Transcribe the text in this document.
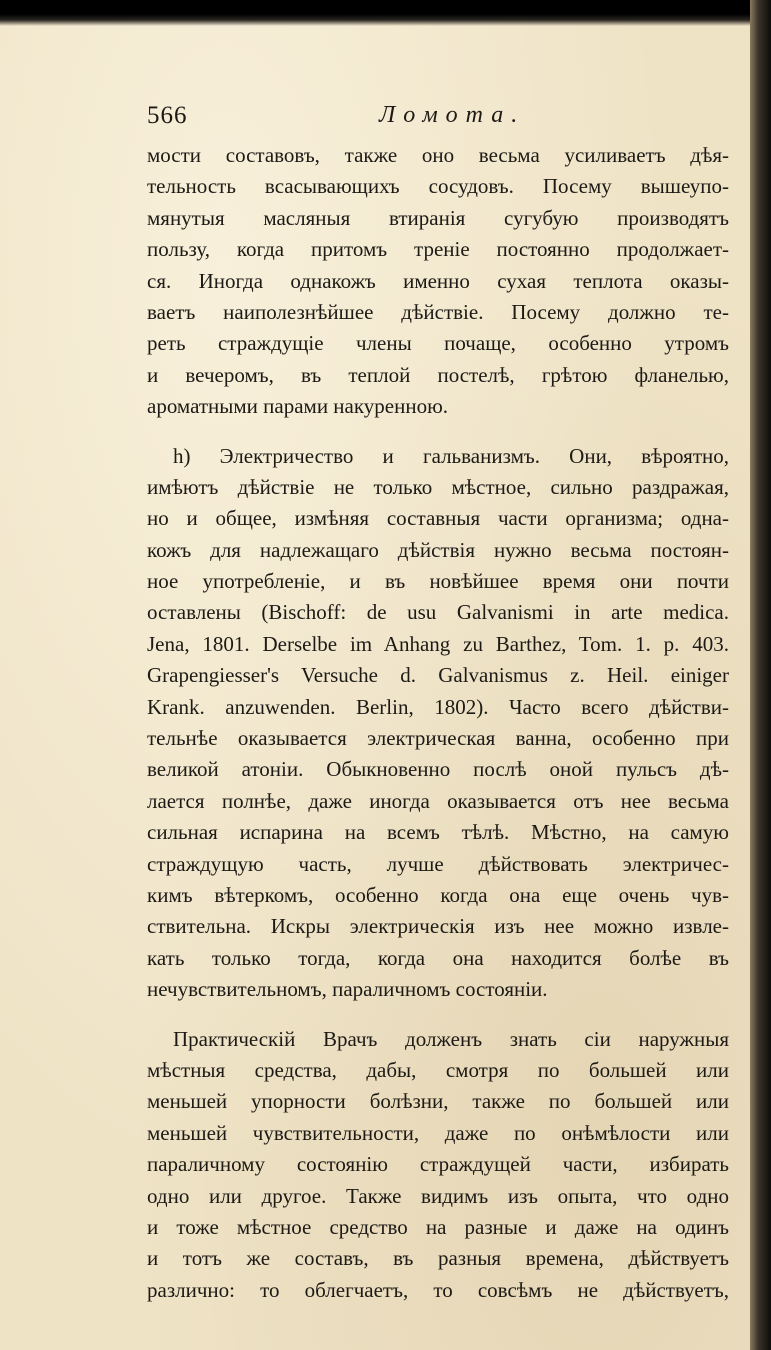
566	Ломота.
мости составовъ, также оно весьма усиливаетъ дѣя-
тельность всасывающихъ сосудовъ. Посему вышеупо-
мянутыя масляныя втиранія сугубую производятъ
пользу, когда притомъ треніе постоянно продолжает-
ся. Иногда однакожъ именно сухая теплота оказы-
ваетъ наиполезнѣйшее дѣйствіе. Посему должно те-
реть страждущіе члены почаще, особенно утромъ
и вечеромъ, въ теплой постелѣ, грѣтою фланелью,
ароматными парами накуренною.
h) Электричество и гальванизмъ. Они, вѣроятно,
имѣютъ дѣйствіе не только мѣстное, сильно раздражая,
но и общее, измѣняя составныя части организма; одна-
кожъ для надлежащаго дѣйствія нужно весьма постоян-
ное употребленіе, и въ новѣйшее время они почти
оставлены (Bischoff: de usu Galvanismi in arte medica.
Jena, 1801. Derselbe im Anhang zu Barthez, Tom. 1. p. 403.
Grapengiesser's Versuche d. Galvanismus z. Heil. einiger
Krank. anzuwenden. Berlin, 1802). Часто всего дѣйстви-
тельнѣе оказывается электрическая ванна, особенно при
великой атоніи. Обыкновенно послѣ оной пульсъ дѣ-
лается полнѣе, даже иногда оказывается отъ нее весьма
сильная испарина на всемъ тѣлѣ. Мѣстно, на самую
страждущую часть, лучше дѣйствовать электричес-
кимъ вѣтеркомъ, особенно когда она еще очень чув-
ствительна. Искры электрическія изъ нее можно извле-
кать только тогда, когда она находится болѣе въ
нечувствительномъ, параличномъ состояніи.
Практическій Врачъ долженъ знать сіи наружныя
мѣстныя средства, дабы, смотря по большей или
меньшей упорности болѣзни, также по большей или
меньшей чувствительности, даже по онѣмѣлости или
параличному состоянію страждущей части, избирать
одно или другое. Также видимъ изъ опыта, что одно
и тоже мѣстное средство на разные и даже на одинъ
и тотъ же составъ, въ разныя времена, дѣйствуетъ
различно: то облегчаетъ, то совсѣмъ не дѣйствуетъ,
